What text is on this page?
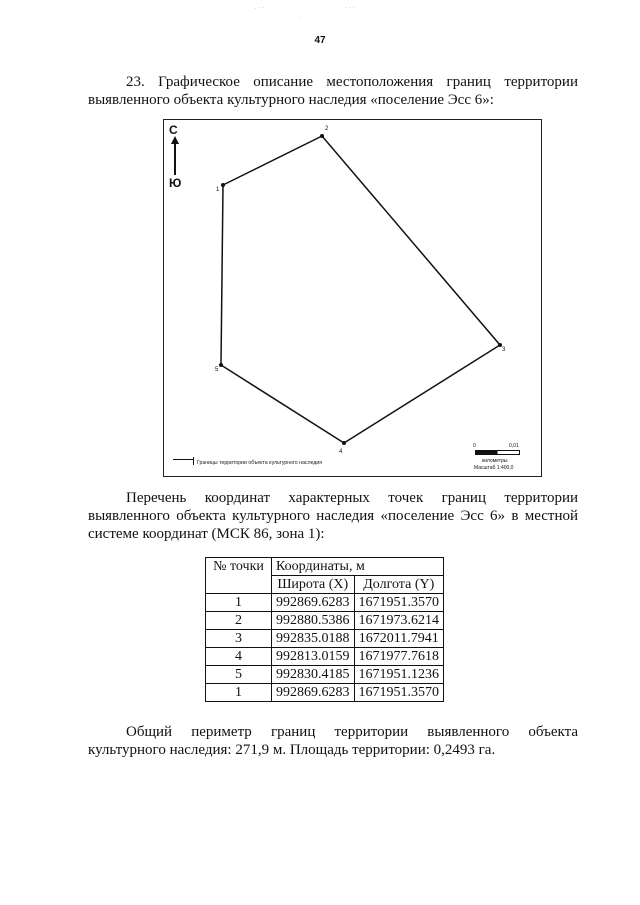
. · ·
·
· · ·
47

23. Графическое описание местоположения границ территории выявленного объекта культурного наследия «поселение Эсс 6»:

С
Ю	1
2
3
4
5
Границы территории объекта культурного наследия
0	0,01
километры
Масштаб 1:400,0

Перечень координат характерных точек границ территории выявленного объекта культурного наследия «поселение Эсс 6» в местной системе координат (МСК 86, зона 1):

№ точки	Координаты, м	
	Широта (X)	Долгота (Y)
1	992869.6283	1671951.3570
2	992880.5386	1671973.6214
3	992835.0188	1672011.7941
4	992813.0159	1671977.7618
5	992830.4185	1671951.1236
1	992869.6283	1671951.3570

Общий периметр границ территории выявленного объекта культурного наследия: 271,9 м. Площадь территории: 0,2493 га.
